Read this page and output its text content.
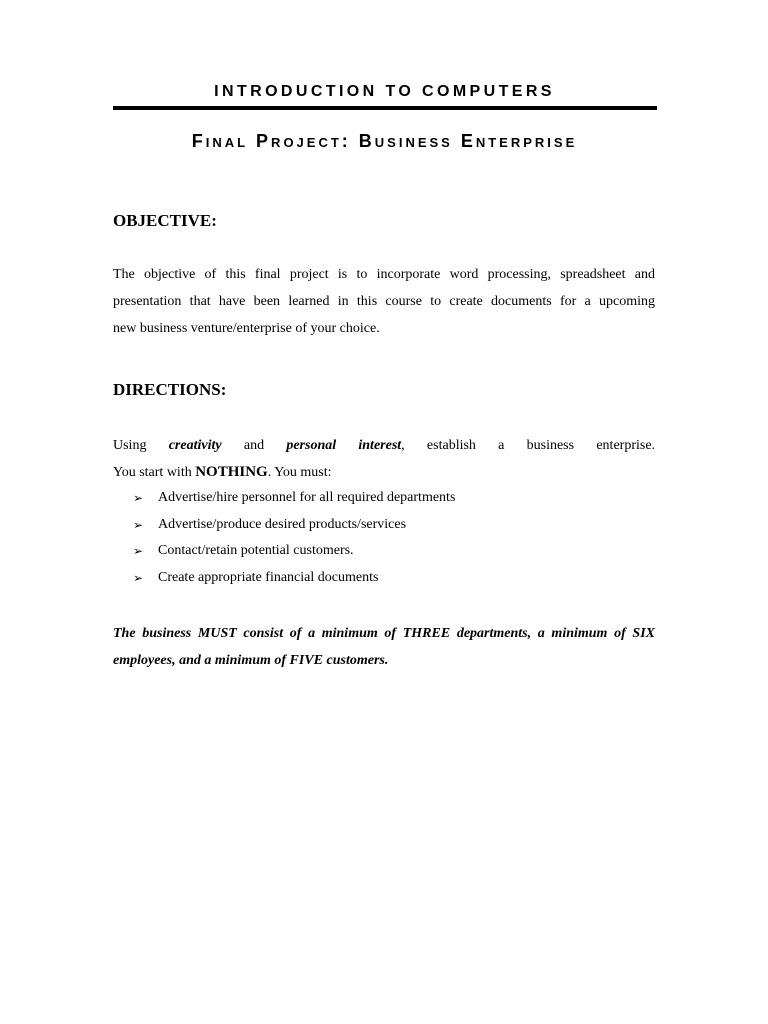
INTRODUCTION TO COMPUTERS
Final Project: Business Enterprise
OBJECTIVE:
The objective of this final project is to incorporate word processing, spreadsheet and
presentation that have been learned in this course to create documents for a upcoming
new business venture/enterprise of your choice.
DIRECTIONS:
Using creativity and personal interest, establish a business enterprise.
You start with NOTHING. You must:
➢	Advertise/hire personnel for all required departments
➢	Advertise/produce desired products/services
➢	Contact/retain potential customers.
➢	Create appropriate financial documents
The business MUST consist of a minimum of THREE departments, a minimum of SIX
employees, and a minimum of FIVE customers.
